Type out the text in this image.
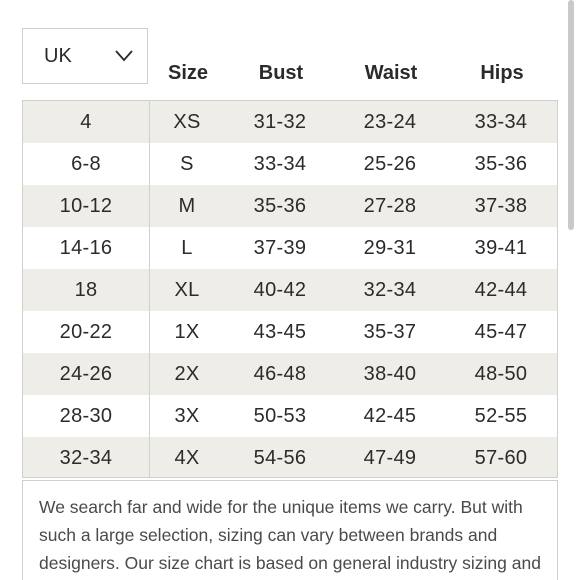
UK
Size	Bust	Waist	Hips
4	XS	31-32	23-24	33-34
6-8	S	33-34	25-26	35-36
10-12	M	35-36	27-28	37-38
14-16	L	37-39	29-31	39-41
18	XL	40-42	32-34	42-44
20-22	1X	43-45	35-37	45-47
24-26	2X	46-48	38-40	48-50
28-30	3X	50-53	42-45	52-55
32-34	4X	54-56	47-49	57-60
We search far and wide for the unique items we carry. But with such a large selection, sizing can vary between brands and designers. Our size chart is based on general industry sizing and
